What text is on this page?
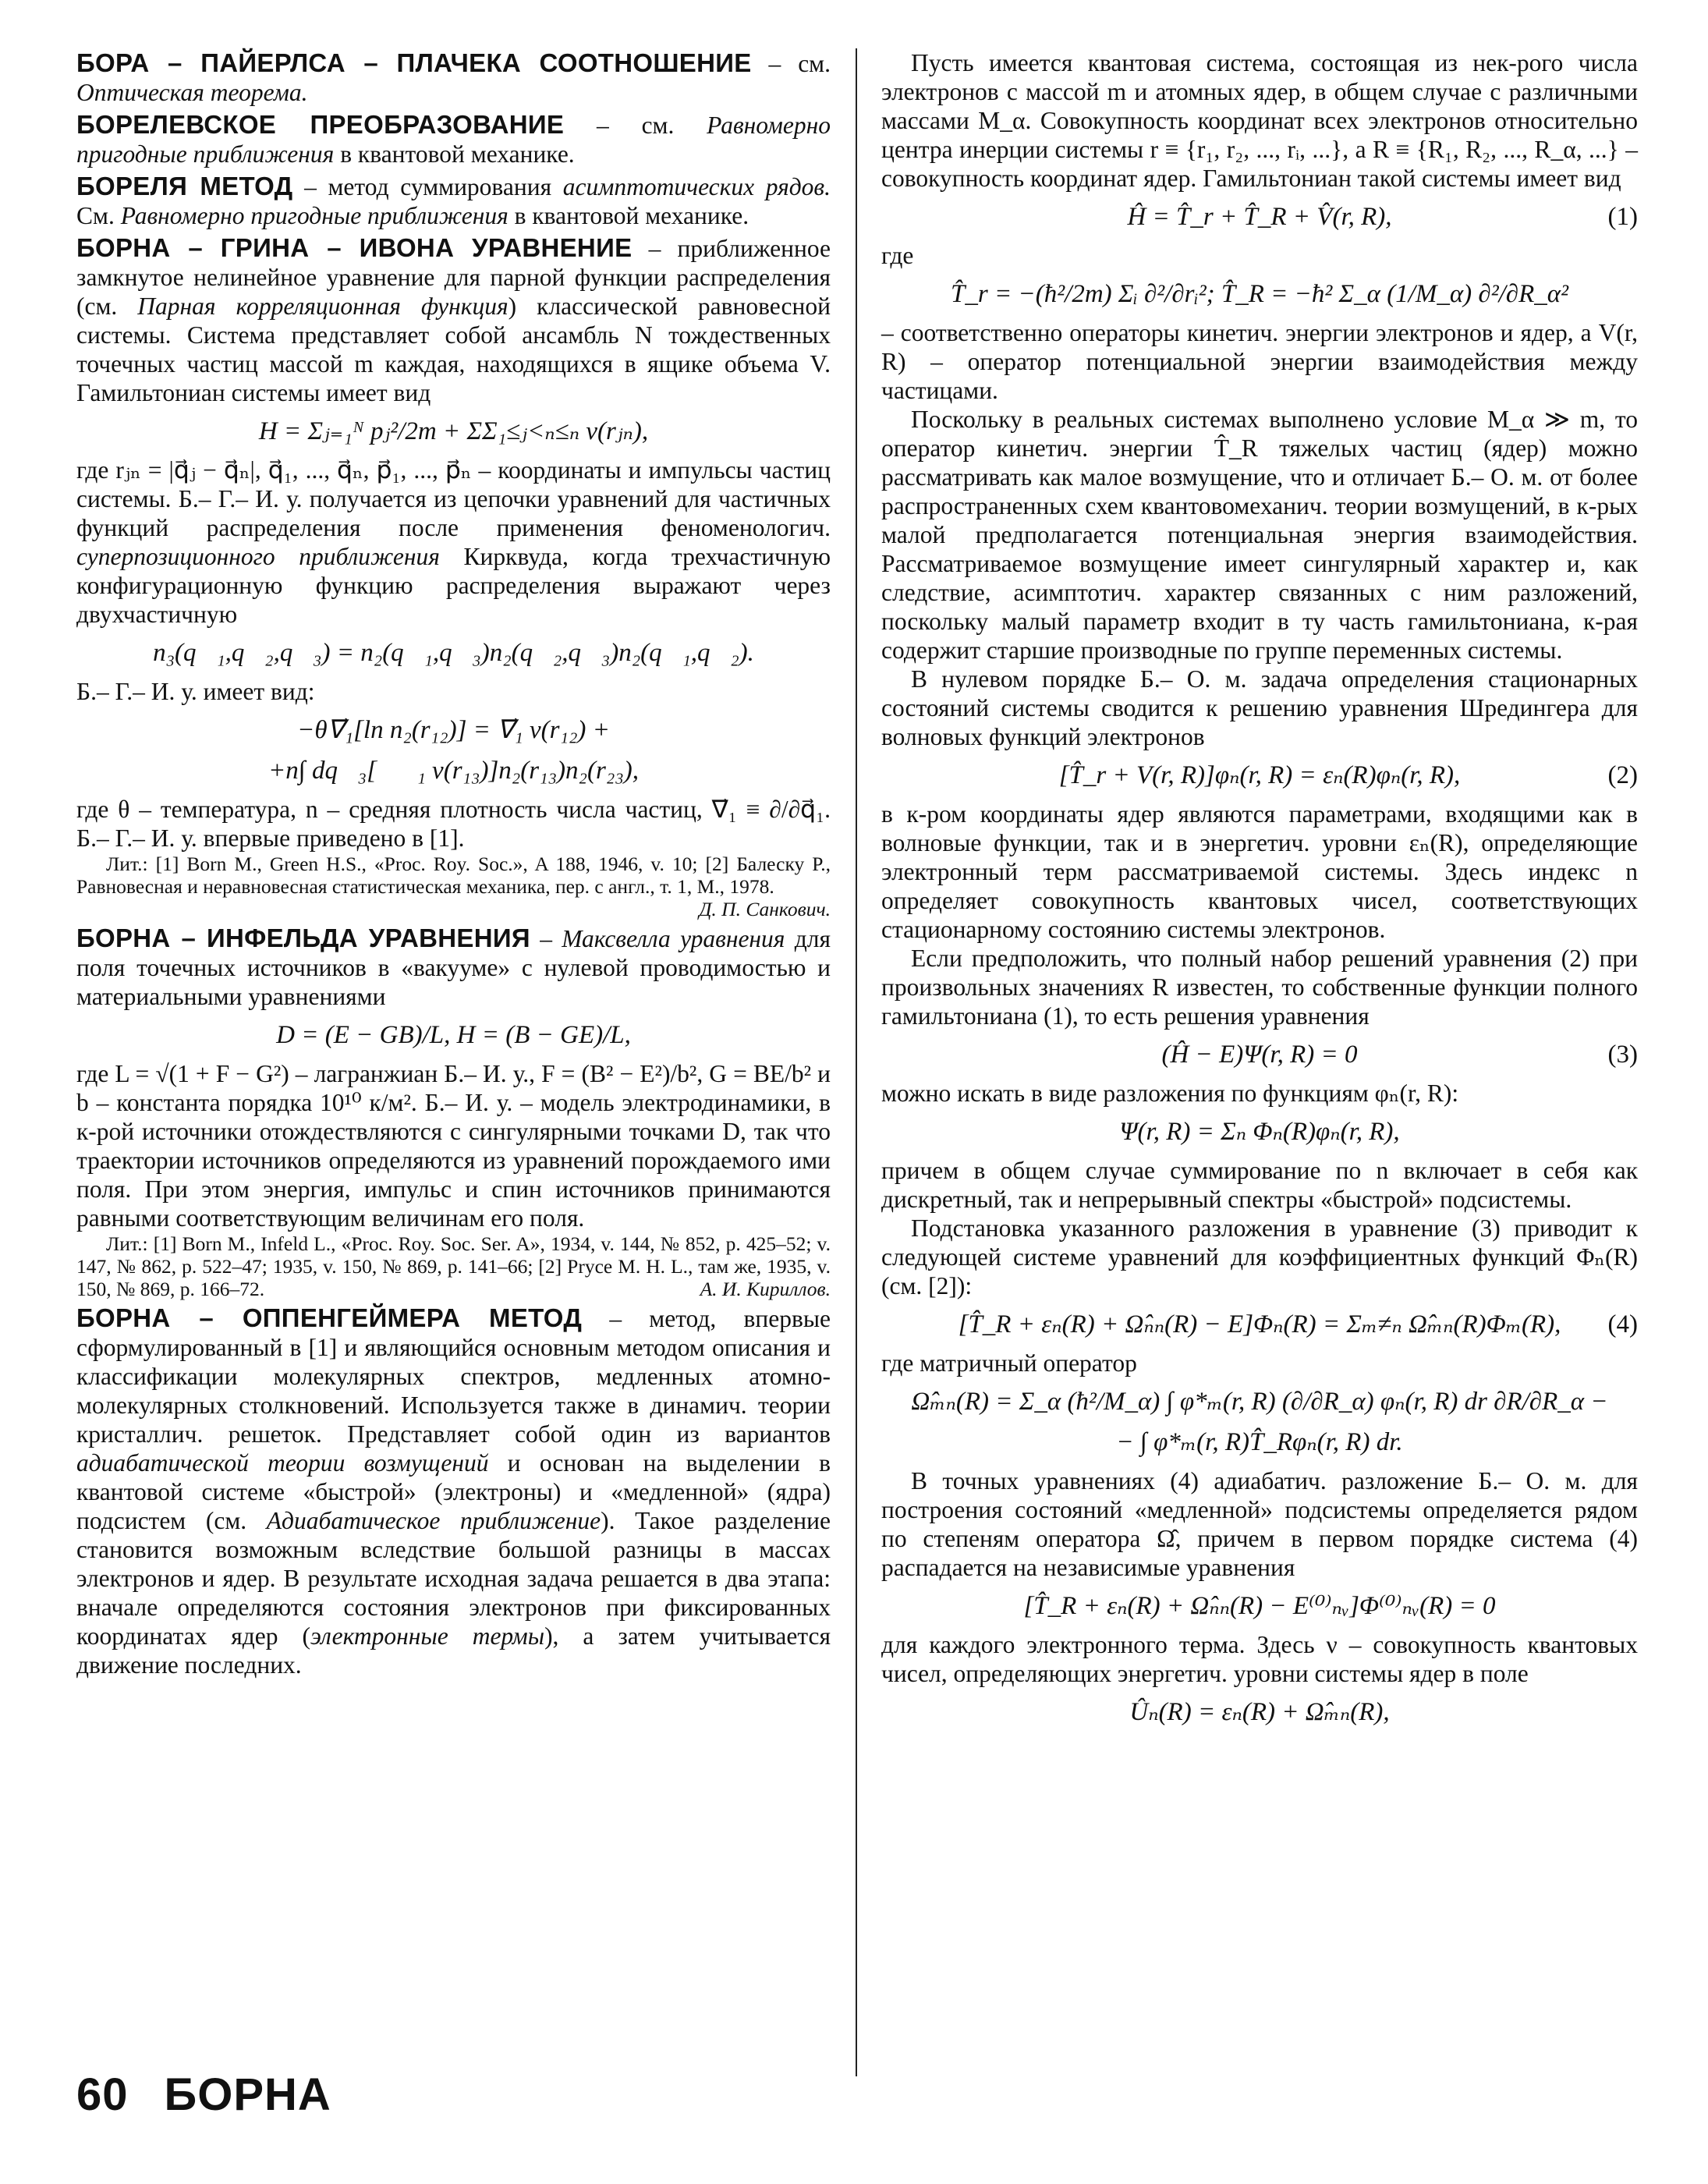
БОРА – ПАЙЕРЛСА – ПЛАЧЕКА СООТНОШЕНИЕ – см. Оптическая теорема.

БОРЕЛЕВСКОЕ ПРЕОБРАЗОВАНИЕ – см. Равномерно пригодные приближения в квантовой механике.

БОРЕЛЯ МЕТОД – метод суммирования асимптотических рядов. См. Равномерно пригодные приближения в квантовой механике.

БОРНА – ГРИНА – ИВОНА УРАВНЕНИЕ – приближенное замкнутое нелинейное уравнение для парной функции распределения (см. Парная корреляционная функция) классической равновесной системы. Система представляет собой ансамбль N тождественных точечных частиц массой m каждая, находящихся в ящике объема V. Гамильтониан системы имеет вид

H = Σⱼ₌₁ᴺ pⱼ²/2m + ΣΣ₁≤ⱼ<ₙ≤ₙ v(rⱼₙ),

где rⱼₙ = |q⃗ⱼ − q⃗ₙ|, q⃗₁, ..., q⃗ₙ, p⃗₁, ..., p⃗ₙ – координаты и импульсы частиц системы. Б.– Г.– И. у. получается из цепочки уравнений для частичных функций распределения после применения феноменологич. суперпозиционного приближения Кирквуда, когда трехчастичную конфигурационную функцию распределения выражают через двухчастичную

n₃(q⃗₁,q⃗₂,q⃗₃) = n₂(q⃗₁,q⃗₃)n₂(q⃗₂,q⃗₃)n₂(q⃗₁,q⃗₂).

Б.– Г.– И. у. имеет вид:

−θ∇⃗₁[ln n₂(r₁₂)] = ∇⃗₁ v(r₁₂) +
+n∫ dq⃗₃[∇⃗₁ v(r₁₃)]n₂(r₁₃)n₂(r₂₃),

где θ – температура, n – средняя плотность числа частиц, ∇⃗₁ ≡ ∂/∂q⃗₁. Б.– Г.– И. у. впервые приведено в [1].

Лит.: [1] Born M., Green H.S., «Proc. Roy. Soc.», A 188, 1946, v. 10; [2] Балеску Р., Равновесная и неравновесная статистическая механика, пер. с англ., т. 1, М., 1978.
Д. П. Санкович.

БОРНА – ИНФЕЛЬДА УРАВНЕНИЯ – Максвелла уравнения для поля точечных источников в «вакууме» с нулевой проводимостью и материальными уравнениями

D = (E − GB)/L, H = (B − GE)/L,

где L = √(1 + F − G²) – лагранжиан Б.– И. у., F = (B² − E²)/b², G = BE/b² и b – константа порядка 10¹⁰ к/м². Б.– И. у. – модель электродинамики, в к-рой источники отождествляются с сингулярными точками D, так что траектории источников определяются из уравнений порождаемого ими поля. При этом энергия, импульс и спин источников принимаются равными соответствующим величинам его поля.

Лит.: [1] Born M., Infeld L., «Proc. Roy. Soc. Ser. A», 1934, v. 144, № 852, p. 425–52; v. 147, № 862, p. 522–47; 1935, v. 150, № 869, p. 141–66; [2] Pryce M. H. L., там же, 1935, v. 150, № 869, p. 166–72.	А. И. Кириллов.

БОРНА – ОППЕНГЕЙМЕРА МЕТОД – метод, впервые сформулированный в [1] и являющийся основным методом описания и классификации молекулярных спектров, медленных атомно-молекулярных столкновений. Используется также в динамич. теории кристаллич. решеток. Представляет собой один из вариантов адиабатической теории возмущений и основан на выделении в квантовой системе «быстрой» (электроны) и «медленной» (ядра) подсистем (см. Адиабатическое приближение). Такое разделение становится возможным вследствие большой разницы в массах электронов и ядер. В результате исходная задача решается в два этапа: вначале определяются состояния электронов при фиксированных координатах ядер (электронные термы), а затем учитывается движение последних.

Пусть имеется квантовая система, состоящая из нек-рого числа электронов с массой m и атомных ядер, в общем случае с различными массами M_α. Совокупность координат всех электронов относительно центра инерции системы r ≡ {r₁, r₂, ..., rᵢ, ...}, а R ≡ {R₁, R₂, ..., R_α, ...} – совокупность координат ядер. Гамильтониан такой системы имеет вид

Ĥ = T̂_r + T̂_R + V̂(r, R),	(1)

где

T̂_r = −(ħ²/2m) Σᵢ ∂²/∂rᵢ²; T̂_R = −ħ² Σ_α (1/M_α) ∂²/∂R_α²

– соответственно операторы кинетич. энергии электронов и ядер, а V(r, R) – оператор потенциальной энергии взаимодействия между частицами.

Поскольку в реальных системах выполнено условие M_α ≫ m, то оператор кинетич. энергии T̂_R тяжелых частиц (ядер) можно рассматривать как малое возмущение, что и отличает Б.– О. м. от более распространенных схем квантовомеханич. теории возмущений, в к-рых малой предполагается потенциальная энергия взаимодействия. Рассматриваемое возмущение имеет сингулярный характер и, как следствие, асимптотич. характер связанных с ним разложений, поскольку малый параметр входит в ту часть гамильтониана, к-рая содержит старшие производные по группе переменных системы.

В нулевом порядке Б.– О. м. задача определения стационарных состояний системы сводится к решению уравнения Шредингера для волновых функций электронов

[T̂_r + V(r, R)]φₙ(r, R) = εₙ(R)φₙ(r, R),	(2)

в к-ром координаты ядер являются параметрами, входящими как в волновые функции, так и в энергетич. уровни εₙ(R), определяющие электронный терм рассматриваемой системы. Здесь индекс n определяет совокупность квантовых чисел, соответствующих стационарному состоянию системы электронов.

Если предположить, что полный набор решений уравнения (2) при произвольных значениях R известен, то собственные функции полного гамильтониана (1), то есть решения уравнения

(Ĥ − E)Ψ(r, R) = 0	(3)

можно искать в виде разложения по функциям φₙ(r, R):

Ψ(r, R) = Σₙ Φₙ(R)φₙ(r, R),

причем в общем случае суммирование по n включает в себя как дискретный, так и непрерывный спектры «быстрой» подсистемы.

Подстановка указанного разложения в уравнение (3) приводит к следующей системе уравнений для коэффициентных функций Φₙ(R) (см. [2]):

[T̂_R + εₙ(R) + Ω̂ₙₙ(R) − E]Φₙ(R) = Σₘ≠ₙ Ω̂ₘₙ(R)Φₘ(R), (4)

где матричный оператор

Ω̂ₘₙ(R) = Σ_α (ħ²/M_α) ∫ φ*ₘ(r, R) (∂/∂R_α) φₙ(r, R) dr ∂R/∂R_α −
− ∫ φ*ₘ(r, R)T̂_Rφₙ(r, R) dr.

В точных уравнениях (4) адиабатич. разложение Б.– О. м. для построения состояний «медленной» подсистемы определяется рядом по степеням оператора Ω̂, причем в первом порядке система (4) распадается на независимые уравнения

[T̂_R + εₙ(R) + Ω̂ₙₙ(R) − E⁽⁰⁾ₙᵥ]Φ⁽⁰⁾ₙᵥ(R) = 0

для каждого электронного терма. Здесь ν – совокупность квантовых чисел, определяющих энергетич. уровни системы ядер в поле

Ûₙ(R) = εₙ(R) + Ω̂ₘₙ(R),
60 БОРНА
